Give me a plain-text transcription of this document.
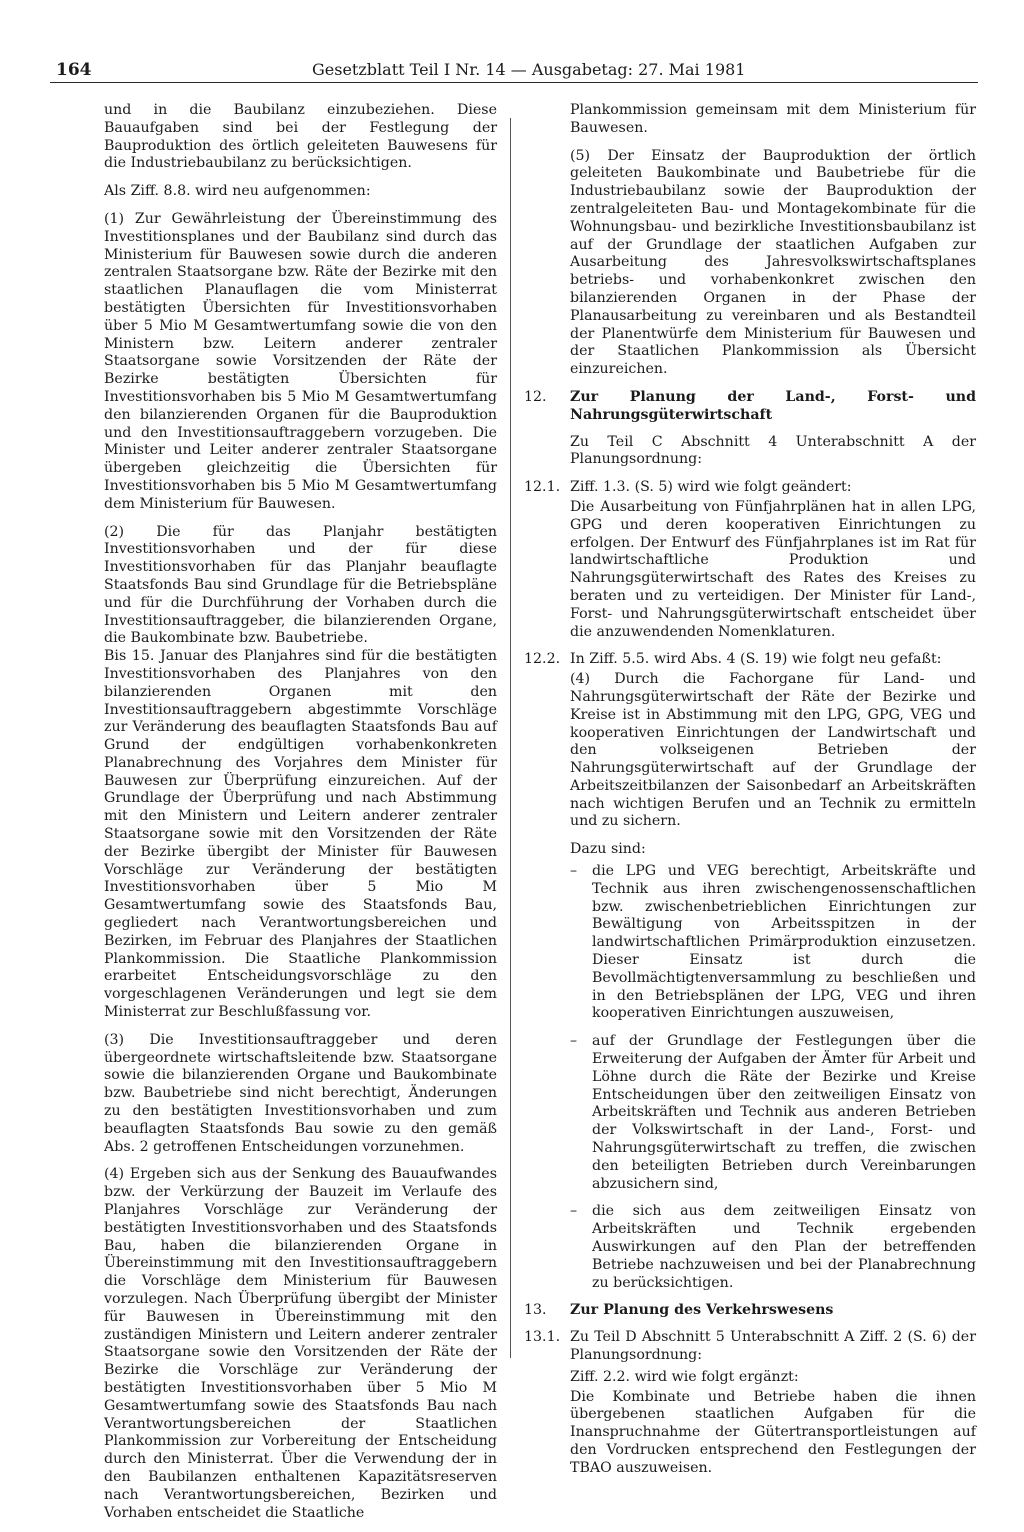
164	Gesetzblatt Teil I Nr. 14 — Ausgabetag: 27. Mai 1981

und in die Baubilanz einzubeziehen. Diese Bauaufgaben sind bei der Festlegung der Bauproduktion des örtlich geleiteten Bauwesens für die Industriebaubilanz zu berücksichtigen.

Als Ziff. 8.8. wird neu aufgenommen:

(1) Zur Gewährleistung der Übereinstimmung des Investitionsplanes und der Baubilanz sind durch das Ministerium für Bauwesen sowie durch die anderen zentralen Staatsorgane bzw. Räte der Bezirke mit den staatlichen Planauflagen die vom Ministerrat bestätigten Übersichten für Investitionsvorhaben über 5 Mio M Gesamtwertumfang sowie die von den Ministern bzw. Leitern anderer zentraler Staatsorgane sowie Vorsitzenden der Räte der Bezirke bestätigten Übersichten für Investitionsvorhaben bis 5 Mio M Gesamtwertumfang den bilanzierenden Organen für die Bauproduktion und den Investitionsauftraggebern vorzugeben. Die Minister und Leiter anderer zentraler Staatsorgane übergeben gleichzeitig die Übersichten für Investitionsvorhaben bis 5 Mio M Gesamtwertumfang dem Ministerium für Bauwesen.

(2) Die für das Planjahr bestätigten Investitionsvorhaben und der für diese Investitionsvorhaben für das Planjahr beauflagte Staatsfonds Bau sind Grundlage für die Betriebspläne und für die Durchführung der Vorhaben durch die Investitionsauftraggeber, die bilanzierenden Organe, die Baukombinate bzw. Baubetriebe.

Bis 15. Januar des Planjahres sind für die bestätigten Investitionsvorhaben des Planjahres von den bilanzierenden Organen mit den Investitionsauftraggebern abgestimmte Vorschläge zur Veränderung des beauflagten Staatsfonds Bau auf Grund der endgültigen vorhabenkonkreten Planabrechnung des Vorjahres dem Minister für Bauwesen zur Überprüfung einzureichen. Auf der Grundlage der Überprüfung und nach Abstimmung mit den Ministern und Leitern anderer zentraler Staatsorgane sowie mit den Vorsitzenden der Räte der Bezirke übergibt der Minister für Bauwesen Vorschläge zur Veränderung der bestätigten Investitionsvorhaben über 5 Mio M Gesamtwertumfang sowie des Staatsfonds Bau, gegliedert nach Verantwortungsbereichen und Bezirken, im Februar des Planjahres der Staatlichen Plankommission. Die Staatliche Plankommission erarbeitet Entscheidungsvorschläge zu den vorgeschlagenen Veränderungen und legt sie dem Ministerrat zur Beschlußfassung vor.

(3) Die Investitionsauftraggeber und deren übergeordnete wirtschaftsleitende bzw. Staatsorgane sowie die bilanzierenden Organe und Baukombinate bzw. Baubetriebe sind nicht berechtigt, Änderungen zu den bestätigten Investitionsvorhaben und zum beauflagten Staatsfonds Bau sowie zu den gemäß Abs. 2 getroffenen Entscheidungen vorzunehmen.

(4) Ergeben sich aus der Senkung des Bauaufwandes bzw. der Verkürzung der Bauzeit im Verlaufe des Planjahres Vorschläge zur Veränderung der bestätigten Investitionsvorhaben und des Staatsfonds Bau, haben die bilanzierenden Organe in Übereinstimmung mit den Investitionsauftraggebern die Vorschläge dem Ministerium für Bauwesen vorzulegen. Nach Überprüfung übergibt der Minister für Bauwesen in Übereinstimmung mit den zuständigen Ministern und Leitern anderer zentraler Staatsorgane sowie den Vorsitzenden der Räte der Bezirke die Vorschläge zur Veränderung der bestätigten Investitionsvorhaben über 5 Mio M Gesamtwertumfang sowie des Staatsfonds Bau nach Verantwortungsbereichen der Staatlichen Plankommission zur Vorbereitung der Entscheidung durch den Ministerrat. Über die Verwendung der in den Baubilanzen enthaltenen Kapazitätsreserven nach Verantwortungsbereichen, Bezirken und Vorhaben entscheidet die Staatliche

Plankommission gemeinsam mit dem Ministerium für Bauwesen.

(5) Der Einsatz der Bauproduktion der örtlich geleiteten Baukombinate und Baubetriebe für die Industriebaubilanz sowie der Bauproduktion der zentralgeleiteten Bau- und Montagekombinate für die Wohnungsbau- und bezirkliche Investitionsbaubilanz ist auf der Grundlage der staatlichen Aufgaben zur Ausarbeitung des Jahresvolkswirtschaftsplanes betriebs- und vorhabenkonkret zwischen den bilanzierenden Organen in der Phase der Planausarbeitung zu vereinbaren und als Bestandteil der Planentwürfe dem Ministerium für Bauwesen und der Staatlichen Plankommission als Übersicht einzureichen.

12.	Zur Planung der Land-, Forst- und Nahrungsgüterwirtschaft

Zu Teil C Abschnitt 4 Unterabschnitt A der Planungsordnung:

12.1. Ziff. 1.3. (S. 5) wird wie folgt geändert:

Die Ausarbeitung von Fünfjahrplänen hat in allen LPG, GPG und deren kooperativen Einrichtungen zu erfolgen. Der Entwurf des Fünfjahrplanes ist im Rat für landwirtschaftliche Produktion und Nahrungsgüterwirtschaft des Rates des Kreises zu beraten und zu verteidigen. Der Minister für Land-, Forst- und Nahrungsgüterwirtschaft entscheidet über die anzuwendenden Nomenklaturen.

12.2. In Ziff. 5.5. wird Abs. 4 (S. 19) wie folgt neu gefaßt:

(4) Durch die Fachorgane für Land- und Nahrungsgüterwirtschaft der Räte der Bezirke und Kreise ist in Abstimmung mit den LPG, GPG, VEG und kooperativen Einrichtungen der Landwirtschaft und den volkseigenen Betrieben der Nahrungsgüterwirtschaft auf der Grundlage der Arbeitszeitbilanzen der Saisonbedarf an Arbeitskräften nach wichtigen Berufen und an Technik zu ermitteln und zu sichern.

Dazu sind:
–	die LPG und VEG berechtigt, Arbeitskräfte und Technik aus ihren zwischengenossenschaftlichen bzw. zwischenbetrieblichen Einrichtungen zur Bewältigung von Arbeitsspitzen in der landwirtschaftlichen Primärproduktion einzusetzen. Dieser Einsatz ist durch die Bevollmächtigtenversammlung zu beschließen und in den Betriebsplänen der LPG, VEG und ihren kooperativen Einrichtungen auszuweisen,
–	auf der Grundlage der Festlegungen über die Erweiterung der Aufgaben der Ämter für Arbeit und Löhne durch die Räte der Bezirke und Kreise Entscheidungen über den zeitweiligen Einsatz von Arbeitskräften und Technik aus anderen Betrieben der Volkswirtschaft in der Land-, Forst- und Nahrungsgüterwirtschaft zu treffen, die zwischen den beteiligten Betrieben durch Vereinbarungen abzusichern sind,
–	die sich aus dem zeitweiligen Einsatz von Arbeitskräften und Technik ergebenden Auswirkungen auf den Plan der betreffenden Betriebe nachzuweisen und bei der Planabrechnung zu berücksichtigen.
13.	Zur Planung des Verkehrswesens
13.1. Zu Teil D Abschnitt 5 Unterabschnitt A Ziff. 2 (S. 6) der Planungsordnung:

Ziff. 2.2. wird wie folgt ergänzt:

Die Kombinate und Betriebe haben die ihnen übergebenen staatlichen Aufgaben für die Inanspruchnahme der Gütertransportleistungen auf den Vordrucken entsprechend den Festlegungen der TBAO auszuweisen.
